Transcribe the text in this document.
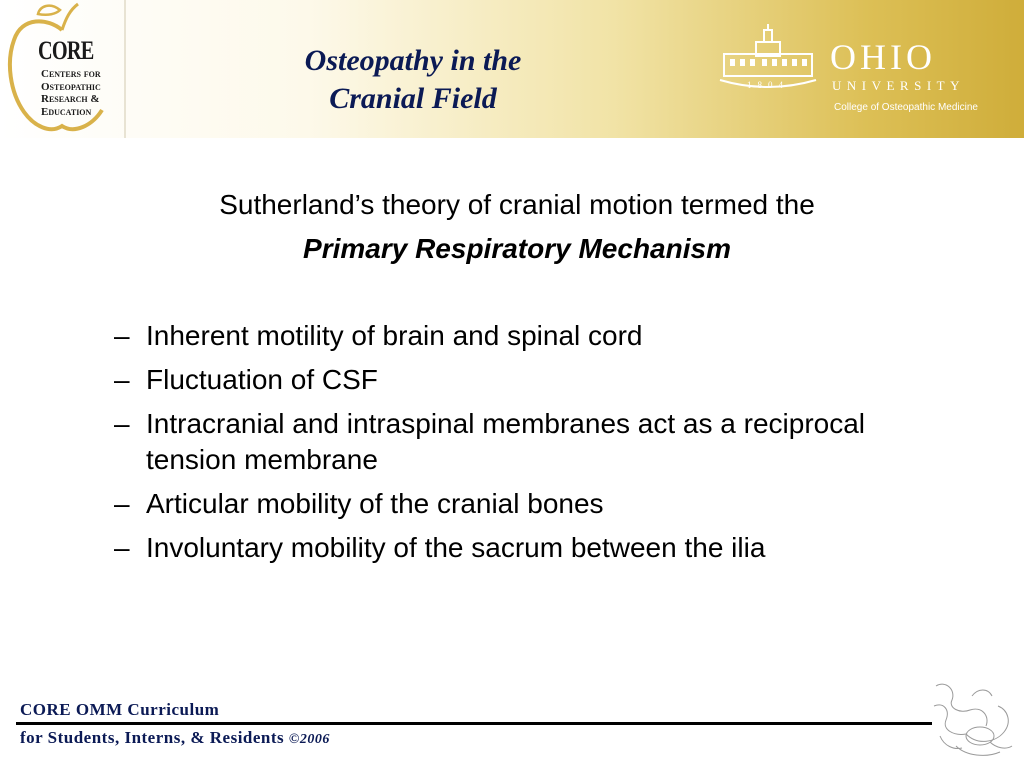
CORE
Centers for
Osteopathic
Research &
Education
Osteopathy in the
Cranial Field	1804
OHIO
UNIVERSITY
College of Osteopathic Medicine
Sutherland’s theory of cranial motion termed the
Primary Respiratory Mechanism
– Inherent motility of brain and spinal cord
– Fluctuation of CSF
– Intracranial and intraspinal membranes act as a reciprocal tension membrane
– Articular mobility of the cranial bones
– Involuntary mobility of the sacrum between the ilia
CORE OMM Curriculum
for Students, Interns, & Residents ©2006
